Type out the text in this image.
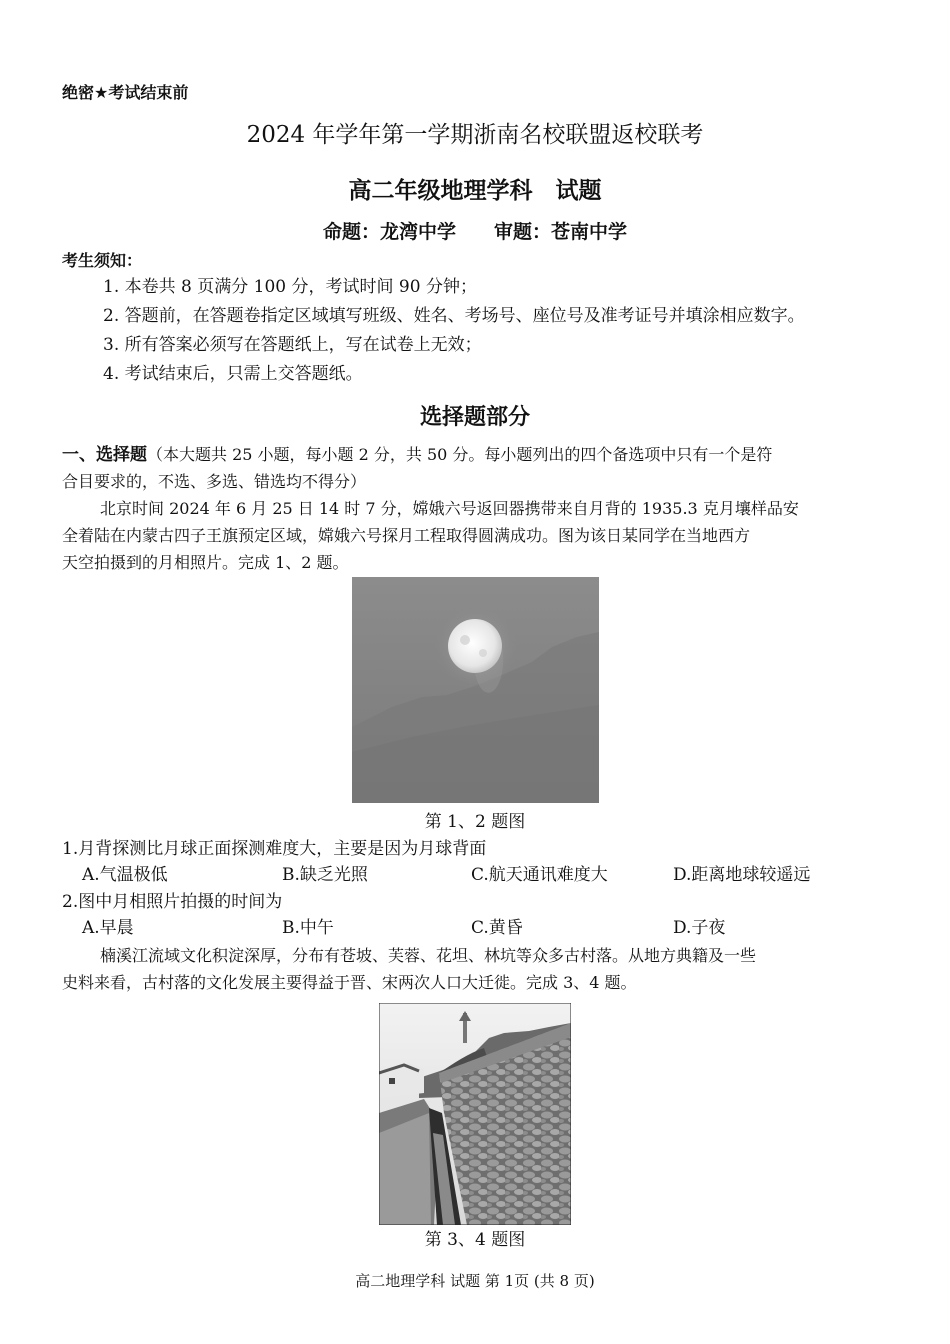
绝密★考试结束前
2024 年学年第一学期浙南名校联盟返校联考
高二年级地理学科　试题
命题：龙湾中学　　审题：苍南中学
考生须知：
1. 本卷共 8 页满分 100 分，考试时间 90 分钟；
2. 答题前，在答题卷指定区域填写班级、姓名、考场号、座位号及准考证号并填涂相应数字。
3. 所有答案必须写在答题纸上，写在试卷上无效；
4. 考试结束后，只需上交答题纸。
选择题部分
一、选择题（本大题共 25 小题，每小题 2 分，共 50 分。每小题列出的四个备选项中只有一个是符
合目要求的，不选、多选、错选均不得分）
北京时间 2024 年 6 月 25 日 14 时 7 分，嫦娥六号返回器携带来自月背的 1935.3 克月壤样品安
全着陆在内蒙古四子王旗预定区域，嫦娥六号探月工程取得圆满成功。图为该日某同学在当地西方
天空拍摄到的月相照片。完成 1、2 题。
第 1、2 题图
1.月背探测比月球正面探测难度大，主要是因为月球背面
A.气温极低	B.缺乏光照	C.航天通讯难度大	D.距离地球较遥远
2.图中月相照片拍摄的时间为
A.早晨	B.中午	C.黄昏	D.子夜
楠溪江流域文化积淀深厚，分布有苍坡、芙蓉、花坦、林坑等众多古村落。从地方典籍及一些
史料来看，古村落的文化发展主要得益于晋、宋两次人口大迁徙。完成 3、4 题。
第 3、4 题图
高二地理学科 试题 第 1页 (共 8 页)
